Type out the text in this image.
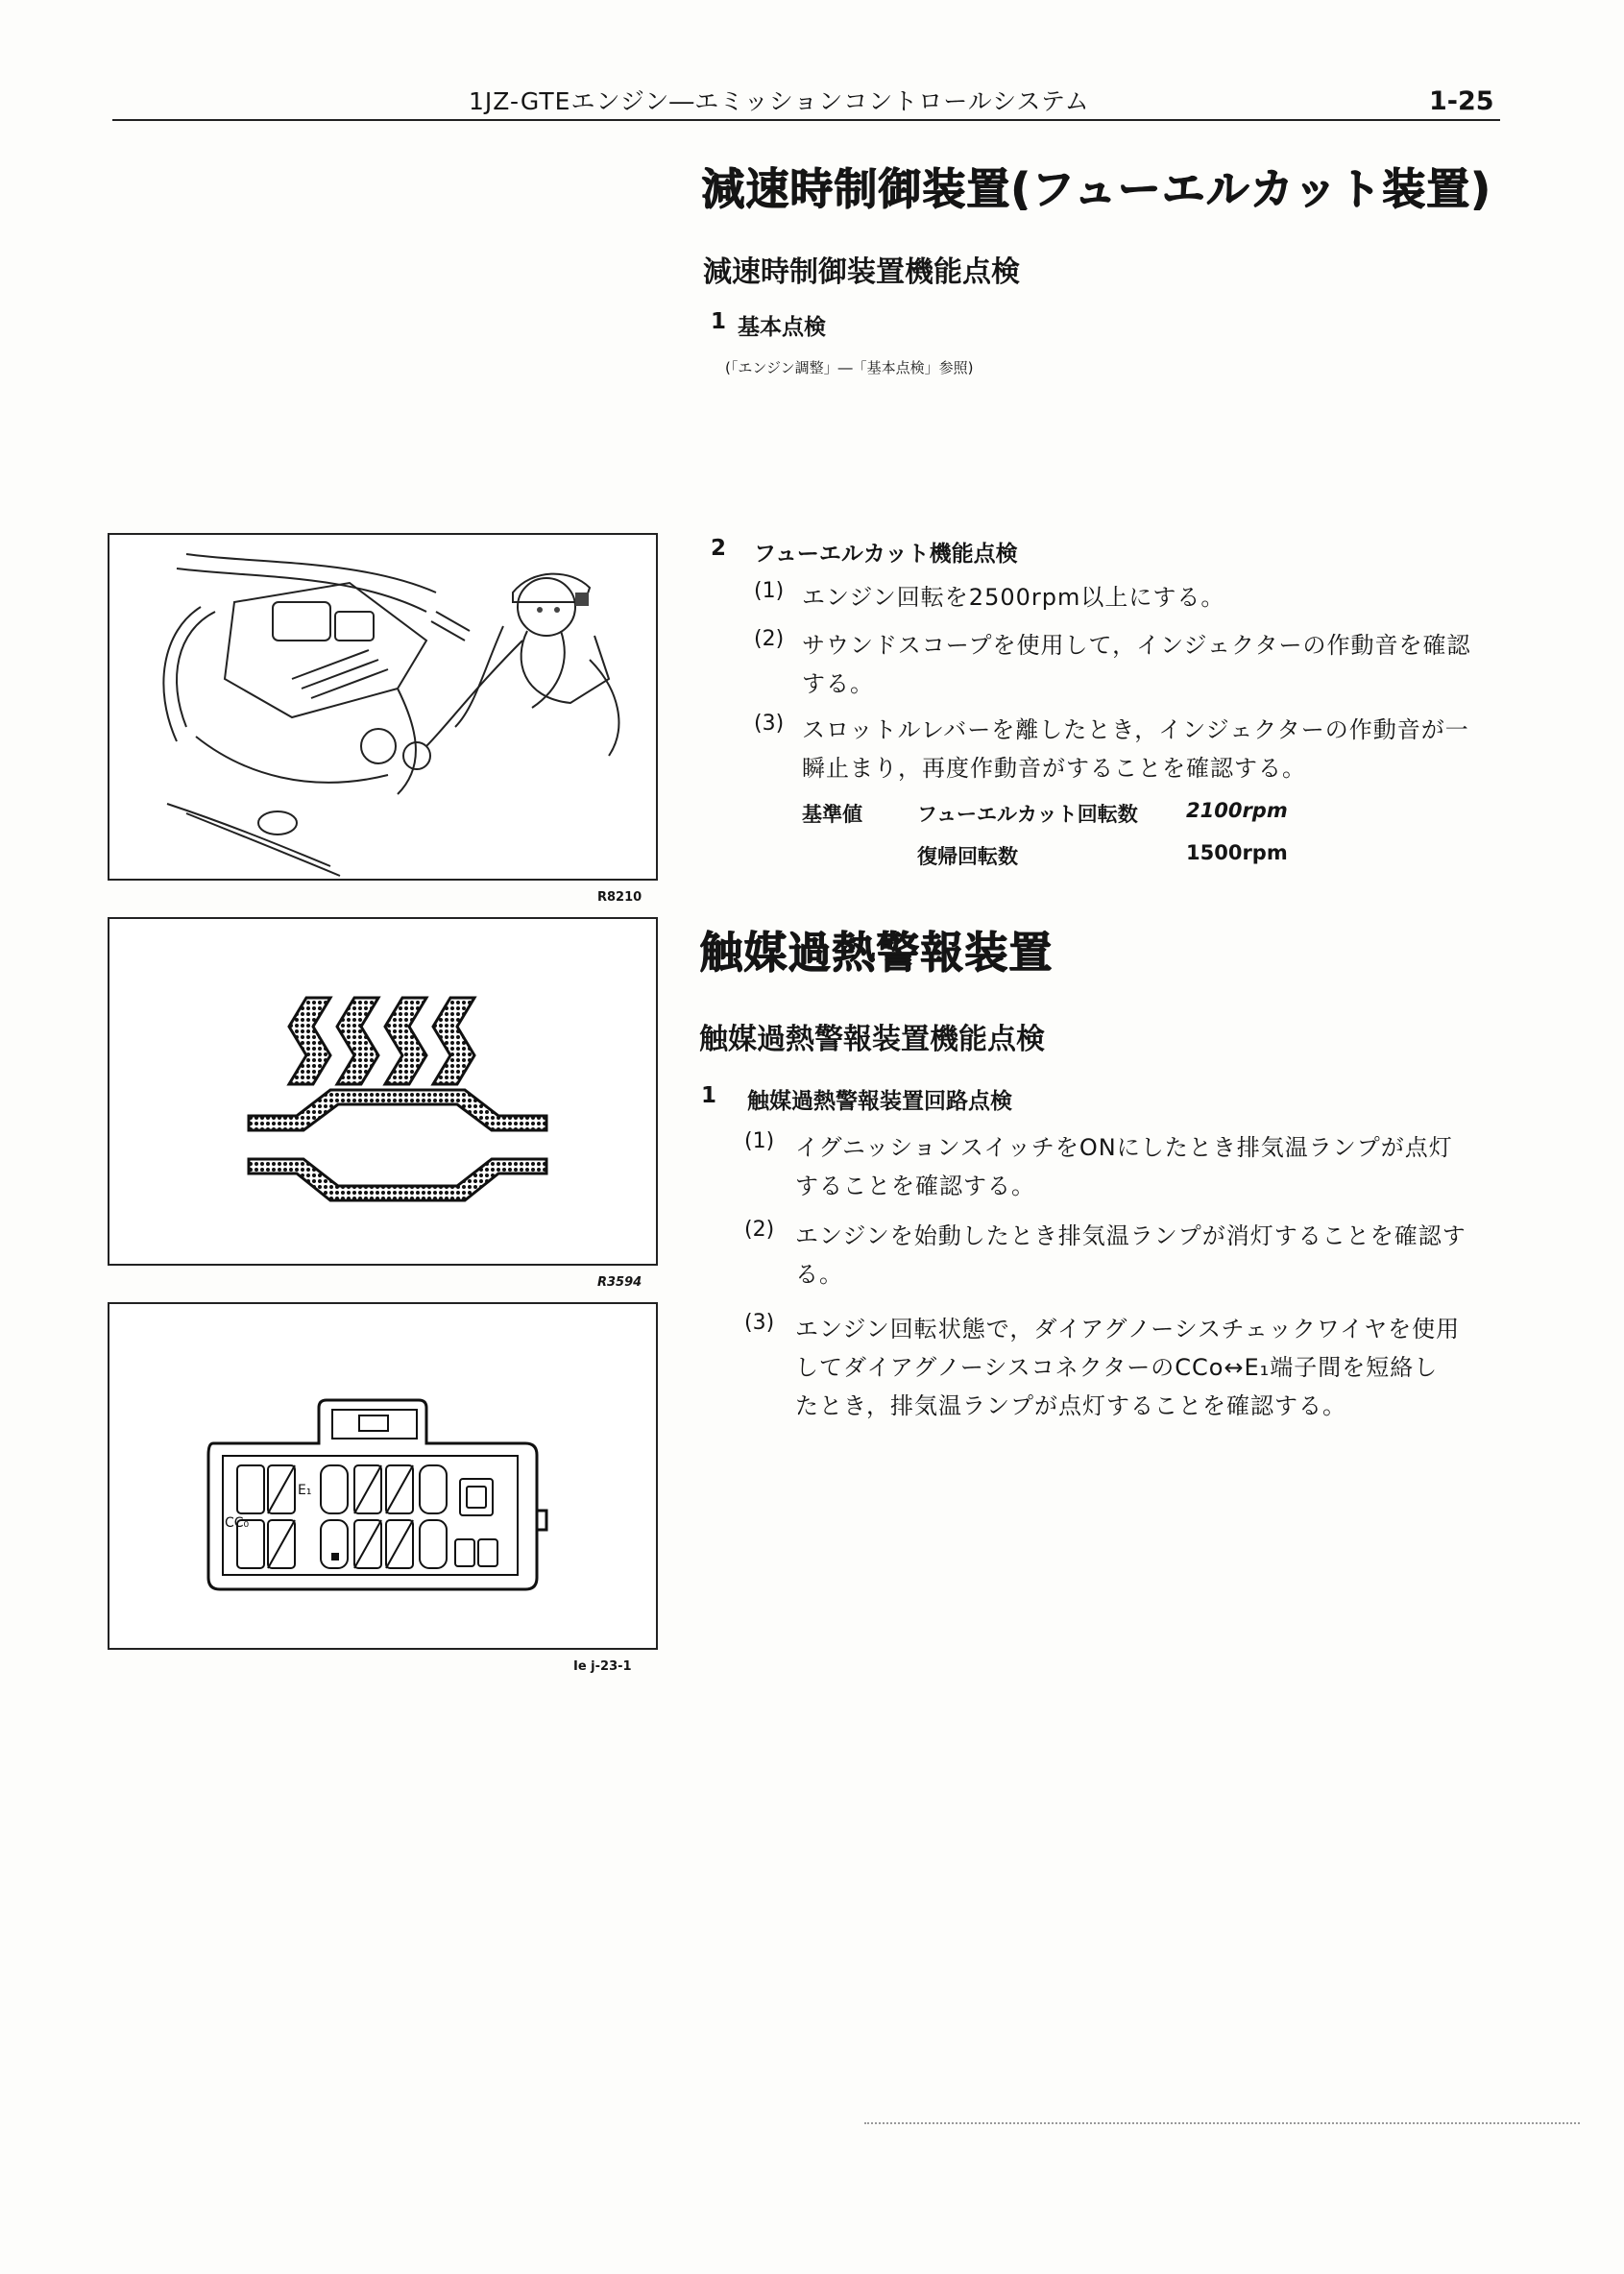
1JZ-GTEエンジン―エミッションコントロールシステム	1-25
減速時制御装置(フューエルカット装置)
減速時制御装置機能点検
1 基本点検
(「エンジン調整」―「基本点検」参照)
2 フューエルカット機能点検
(1) エンジン回転を2500rpm以上にする。
(2) サウンドスコープを使用して，インジェクターの作動音を確認
する。
(3) スロットルレバーを離したとき，インジェクターの作動音が一
瞬止まり，再度作動音がすることを確認する。
基準値	フューエルカット回転数 2100rpm
復帰回転数	1500rpm
触媒過熱警報装置
触媒過熱警報装置機能点検
1 触媒過熱警報装置回路点検
(1) イグニッションスイッチをONにしたとき排気温ランプが点灯
することを確認する。
(2) エンジンを始動したとき排気温ランプが消灯することを確認す
る。
(3) エンジン回転状態で，ダイアグノーシスチェックワイヤを使用
してダイアグノーシスコネクターのCCo↔E₁端子間を短絡し
たとき，排気温ランプが点灯することを確認する。
R8210
R3594
E₁
CC₀
Ie j-23-1
